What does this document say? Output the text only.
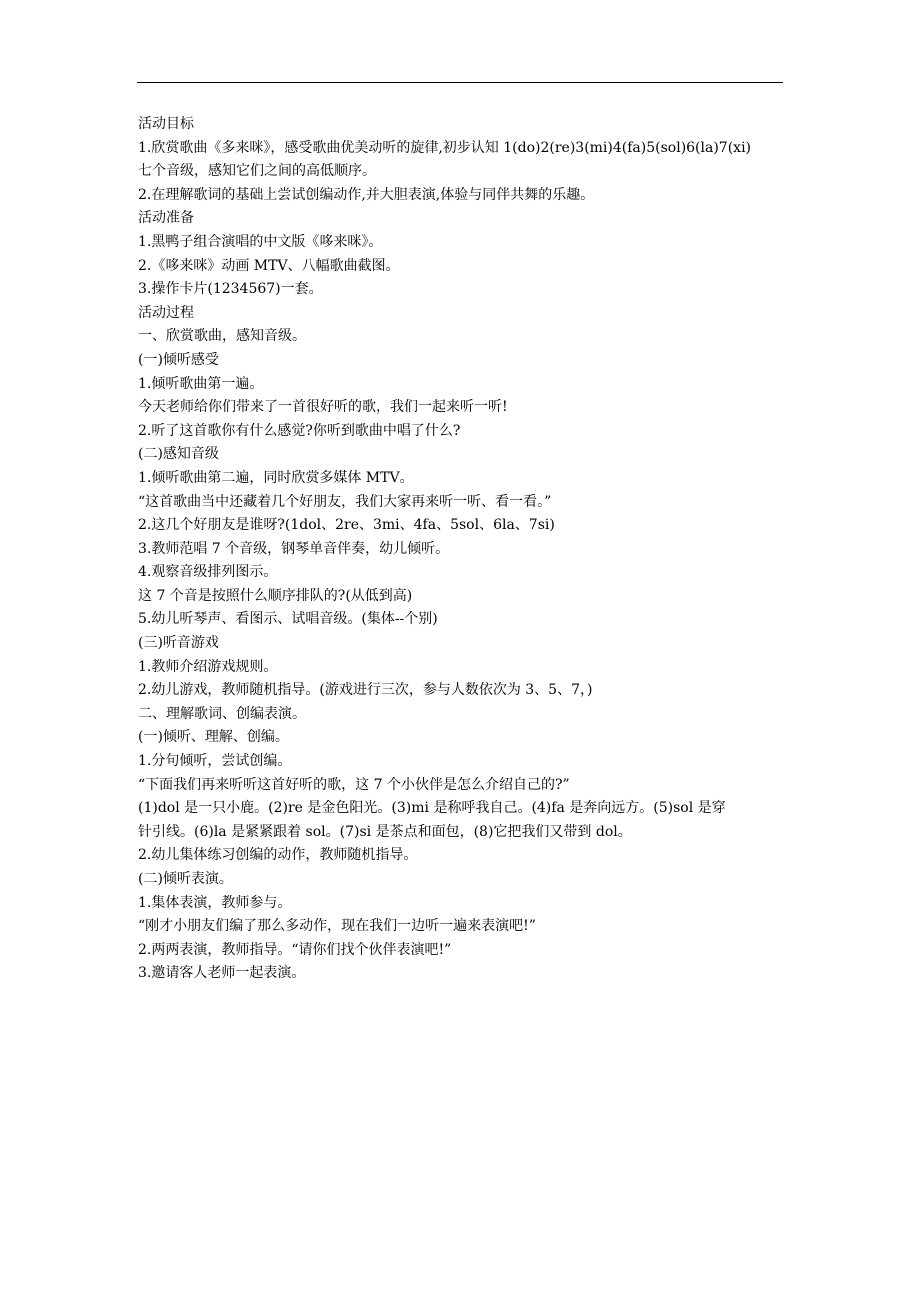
活动目标
1.欣赏歌曲《多来咪》，感受歌曲优美动听的旋律,初步认知 1(do)2(re)3(mi)4(fa)5(sol)6(la)7(xi)
七个音级，感知它们之间的高低顺序。
2.在理解歌词的基础上尝试创编动作,并大胆表演,体验与同伴共舞的乐趣。
活动准备
1.黑鸭子组合演唱的中文版《哆来咪》。
2.《哆来咪》动画 MTV、八幅歌曲截图。
3.操作卡片(1234567)一套。
活动过程
一、欣赏歌曲，感知音级。
(一)倾听感受
1.倾听歌曲第一遍。
今天老师给你们带来了一首很好听的歌，我们一起来听一听!
2.听了这首歌你有什么感觉?你听到歌曲中唱了什么?
(二)感知音级
1.倾听歌曲第二遍，同时欣赏多媒体 MTV。
“这首歌曲当中还藏着几个好朋友，我们大家再来听一听、看一看。”
2.这几个好朋友是谁呀?(1dol、2re、3mi、4fa、5sol、6la、7si)
3.教师范唱 7 个音级，钢琴单音伴奏，幼儿倾听。
4.观察音级排列图示。
这 7 个音是按照什么顺序排队的?(从低到高)
5.幼儿听琴声、看图示、试唱音级。(集体--个别)
(三)听音游戏
1.教师介绍游戏规则。
2.幼儿游戏，教师随机指导。(游戏进行三次，参与人数依次为 3、5、7，)
二、理解歌词、创编表演。
(一)倾听、理解、创编。
1.分句倾听，尝试创编。
“下面我们再来听听这首好听的歌，这 7 个小伙伴是怎么介绍自己的?”
(1)dol 是一只小鹿。(2)re 是金色阳光。(3)mi 是称呼我自己。(4)fa 是奔向远方。(5)sol 是穿
针引线。(6)la 是紧紧跟着 sol。(7)si 是茶点和面包，(8)它把我们又带到 dol。
2.幼儿集体练习创编的动作，教师随机指导。
(二)倾听表演。
1.集体表演，教师参与。
“刚才小朋友们编了那么多动作，现在我们一边听一遍来表演吧!”
2.两两表演，教师指导。“请你们找个伙伴表演吧!”
3.邀请客人老师一起表演。
